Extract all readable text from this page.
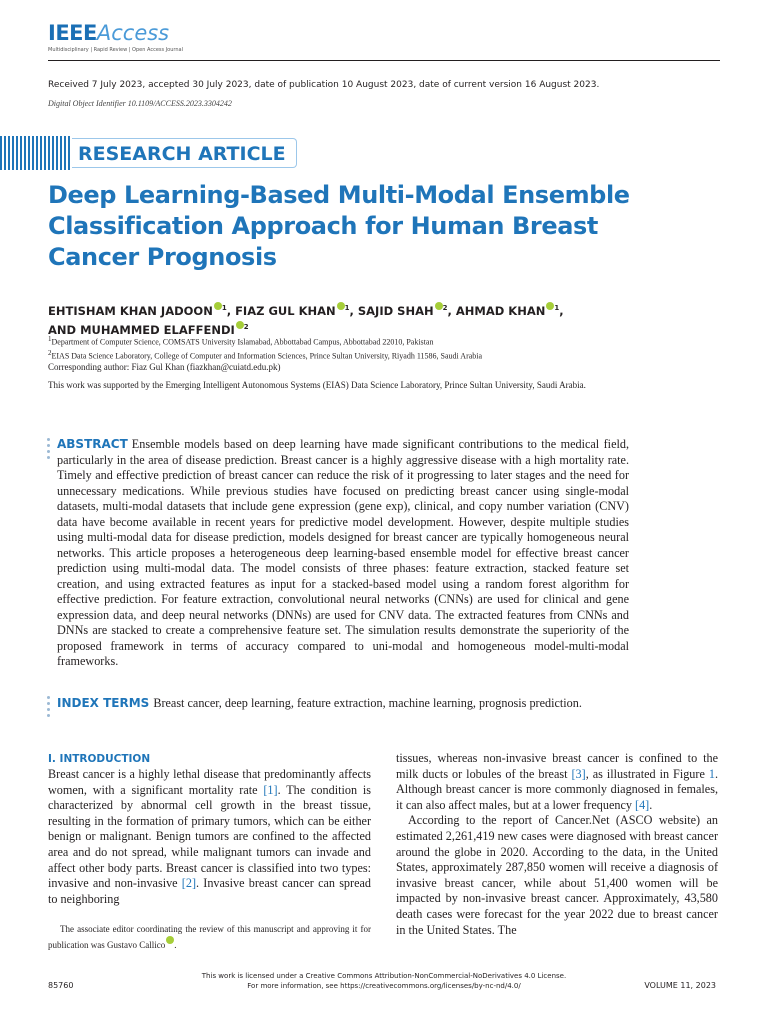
IEEEAccess
Multidisciplinary | Rapid Review | Open Access Journal
Received 7 July 2023, accepted 30 July 2023, date of publication 10 August 2023, date of current version 16 August 2023.
Digital Object Identifier 10.1109/ACCESS.2023.3304242
RESEARCH ARTICLE
Deep Learning-Based Multi-Modal Ensemble Classification Approach for Human Breast Cancer Prognosis
EHTISHAM KHAN JADOON $^1$, FIAZ GUL KHAN $^1$, SAJID SHAH $^2$, AHMAD KHAN $^1$,
AND MUHAMMED ELAFFENDI $^2$
$^1$Department of Computer Science, COMSATS University Islamabad, Abbottabad Campus, Abbottabad 22010, Pakistan
$^2$EIAS Data Science Laboratory, College of Computer and Information Sciences, Prince Sultan University, Riyadh 11586, Saudi Arabia
Corresponding author: Fiaz Gul Khan (fiazkhan@cuiatd.edu.pk)
This work was supported by the Emerging Intelligent Autonomous Systems (EIAS) Data Science Laboratory, Prince Sultan University, Saudi Arabia.
ABSTRACT Ensemble models based on deep learning have made significant contributions to the medical field, particularly in the area of disease prediction. Breast cancer is a highly aggressive disease with a high mortality rate. Timely and effective prediction of breast cancer can reduce the risk of it progressing to later stages and the need for unnecessary medications. While previous studies have focused on predicting breast cancer using single-modal datasets, multi-modal datasets that include gene expression (gene exp), clinical, and copy number variation (CNV) data have become available in recent years for predictive model development. However, despite multiple studies using multi-modal data for disease prediction, models designed for breast cancer are typically homogeneous neural networks. This article proposes a heterogeneous deep learning-based ensemble model for effective breast cancer prediction using multi-modal data. The model consists of three phases: feature extraction, stacked feature set creation, and using extracted features as input for a stacked-based model using a random forest algorithm for effective prediction. For feature extraction, convolutional neural networks (CNNs) are used for clinical and gene expression data, and deep neural networks (DNNs) are used for CNV data. The extracted features from CNNs and DNNs are stacked to create a comprehensive feature set. The simulation results demonstrate the superiority of the proposed framework in terms of accuracy compared to uni-modal and homogeneous model-multi-modal frameworks.
INDEX TERMS Breast cancer, deep learning, feature extraction, machine learning, prognosis prediction.
I. INTRODUCTION

Breast cancer is a highly lethal disease that predominantly affects women, with a significant mortality rate [1]. The condition is characterized by abnormal cell growth in the breast tissue, resulting in the formation of primary tumors, which can be either benign or malignant. Benign tumors are confined to the affected area and do not spread, while malignant tumors can invade and affect other body parts. Breast cancer is classified into two types: invasive and non-invasive [2]. Invasive breast cancer can spread to neighboring

The associate editor coordinating the review of this manuscript and approving it for publication was Gustavo Callico .

tissues, whereas non-invasive breast cancer is confined to the milk ducts or lobules of the breast [3], as illustrated in Figure 1. Although breast cancer is more commonly diagnosed in females, it can also affect males, but at a lower frequency [4].

According to the report of Cancer.Net (ASCO website) an estimated 2,261,419 new cases were diagnosed with breast cancer around the globe in 2020. According to the data, in the United States, approximately 287,850 women will receive a diagnosis of invasive breast cancer, while about 51,400 women will be impacted by non-invasive breast cancer. Approximately, 43,580 death cases were forecast for the year 2022 due to breast cancer in the United States. The

This work is licensed under a Creative Commons Attribution-NonCommercial-NoDerivatives 4.0 License.
For more information, see https://creativecommons.org/licenses/by-nc-nd/4.0/
85760	VOLUME 11, 2023
